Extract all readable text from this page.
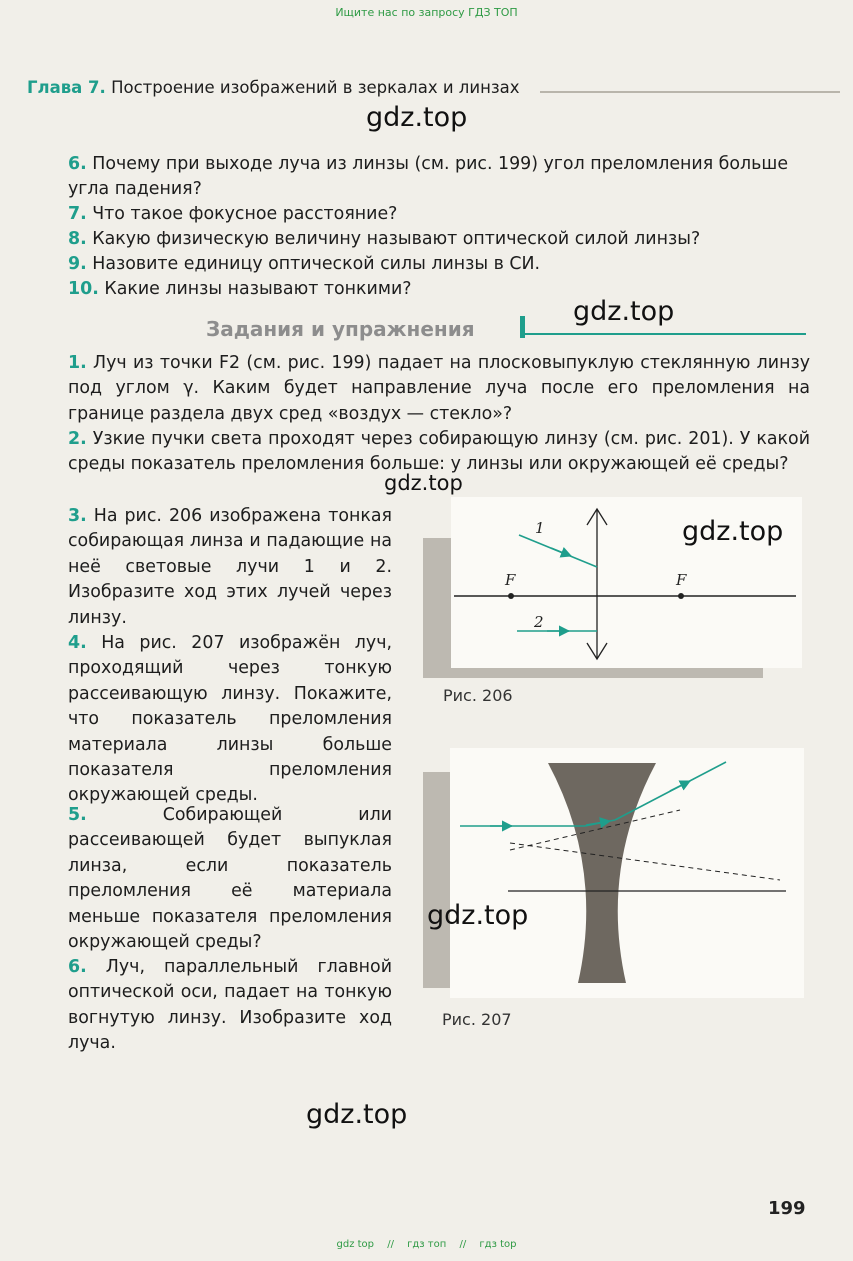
Ищите нас по запросу ГДЗ ТОП
Глава 7. Построение изображений в зеркалах и линзах
gdz.top
6. Почему при выходе луча из линзы (см. рис. 199) угол преломления больше угла падения?
7. Что такое фокусное расстояние?
8. Какую физическую величину называют оптической силой линзы?
9. Назовите единицу оптической силы линзы в СИ.
10. Какие линзы называют тонкими?
Задания и упражнения
gdz.top
1. Луч из точки F2 (см. рис. 199) падает на плосковыпуклую стеклянную линзу под углом γ. Каким будет направление луча после его преломления на границе раздела двух сред «воздух — стекло»?
2. Узкие пучки света проходят через собирающую линзу (см. рис. 201). У какой среды показатель преломления больше: у линзы или окружающей её среды?
gdz.top
3. На рис. 206 изображена тонкая собирающая линза и падающие на неё световые лучи 1 и 2. Изобразите ход этих лучей через линзу.
4. На рис. 207 изображён луч, проходящий через тонкую рассеивающую линзу. Покажите, что показатель преломления материала линзы больше показателя преломления окружающей среды.
5.	Собирающей или рассеивающей будет выпуклая линза, если показатель преломления её материала меньше показателя преломления окружающей среды?
6. Луч, параллельный главной оптической оси, падает на тонкую вогнутую линзу. Изобразите ход луча.
F	F
1
2
gdz.top
Рис. 206
gdz.top
Рис. 207
gdz.top
199
gdz top // гдз топ // гдз top
